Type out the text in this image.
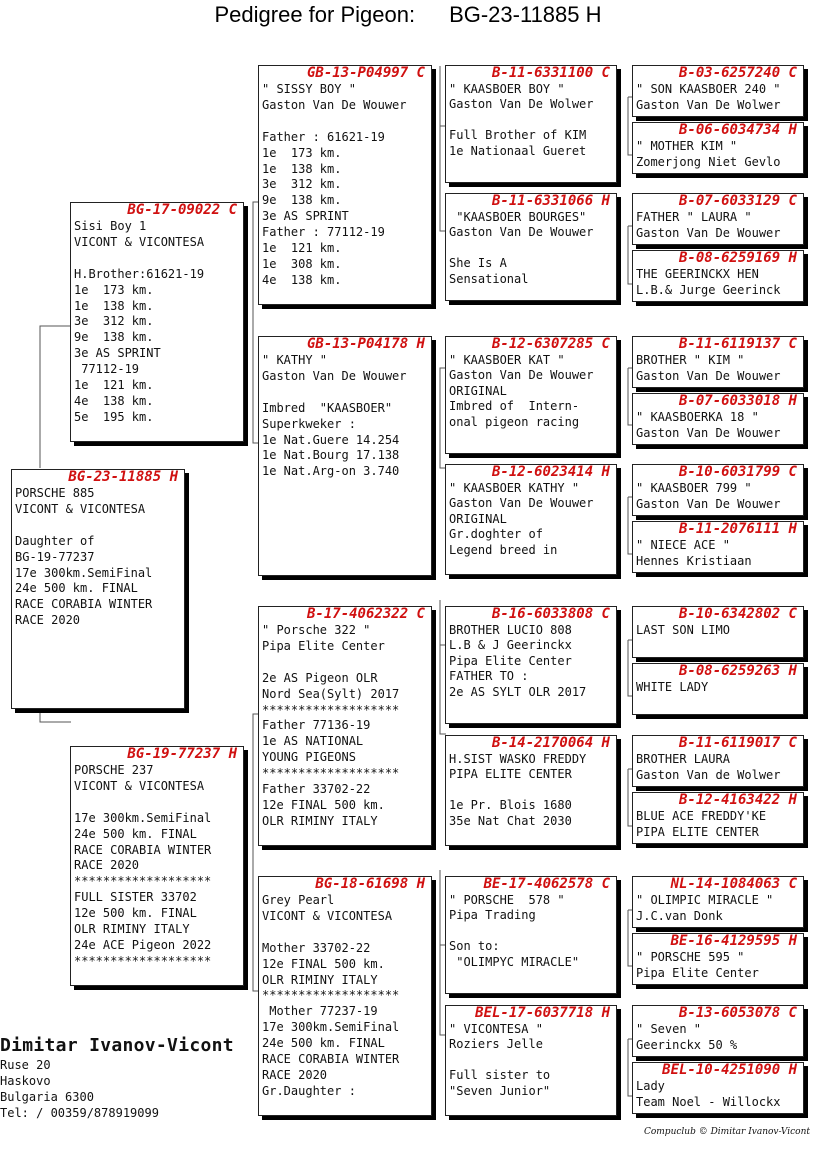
Pedigree for Pigeon: BG-23-11885 H
BG-23-11885 H
PORSCHE 885
VICONT & VICONTESA

Daughter of
BG-19-77237
17e 300km.SemiFinal
24e 500 km. FINAL
RACE CORABIA WINTER
RACE 2020
BG-17-09022 C
Sisi Boy 1
VICONT & VICONTESA

H.Brother:61621-19
1e  173 km.
1e  138 km.
3e  312 km.
9e  138 km.
3e AS SPRINT
77112-19
1e  121 km.
4e  138 km.
5e  195 km.
BG-19-77237 H
PORSCHE 237
VICONT & VICONTESA

17e 300km.SemiFinal
24e 500 km. FINAL
RACE CORABIA WINTER
RACE 2020
*******************
FULL SISTER 33702
12e 500 km. FINAL
OLR RIMINY ITALY
24e ACE Pigeon 2022
*******************
GB-13-P04997 C
" SISSY BOY "
Gaston Van De Wouwer

Father : 61621-19
1e  173 km.
1e  138 km.
3e  312 km.
9e  138 km.
3e AS SPRINT
Father : 77112-19
1e  121 km.
1e  308 km.
4e  138 km.
GB-13-P04178 H
" KATHY "
Gaston Van De Wouwer

Imbred  "KAASBOER"
Superkweker :
1e Nat.Guere 14.254
1e Nat.Bourg 17.138
1e Nat.Arg-on 3.740
B-17-4062322 C
" Porsche 322 "
Pipa Elite Center

2e AS Pigeon OLR
Nord Sea(Sylt) 2017
*******************
Father 77136-19
1e AS NATIONAL
YOUNG PIGEONS
*******************
Father 33702-22
12e FINAL 500 km.
OLR RIMINY ITALY
BG-18-61698 H
Grey Pearl
VICONT & VICONTESA

Mother 33702-22
12e FINAL 500 km.
OLR RIMINY ITALY
*******************
Mother 77237-19
17e 300km.SemiFinal
24e 500 km. FINAL
RACE CORABIA WINTER
RACE 2020
Gr.Daughter :
B-11-6331100 C
" KAASBOER BOY "
Gaston Van De Wolwer

Full Brother of KIM
1e Nationaal Gueret
B-11-6331066 H
"KAASBOER BOURGES"
Gaston Van De Wouwer

She Is A
Sensational
B-12-6307285 C
" KAASBOER KAT "
Gaston Van De Wouwer
ORIGINAL
Imbred of  Intern-
onal pigeon racing
B-12-6023414 H
" KAASBOER KATHY "
Gaston Van De Wouwer
ORIGINAL
Gr.doghter of
Legend breed in
B-16-6033808 C
BROTHER LUCIO 808
L.B & J Geerinckx
Pipa Elite Center
FATHER TO :
2e AS SYLT OLR 2017
B-14-2170064 H
H.SIST WASKO FREDDY
PIPA ELITE CENTER

1e Pr. Blois 1680
35e Nat Chat 2030
BE-17-4062578 C
" PORSCHE  578 "
Pipa Trading

Son to:
"OLIMPYC MIRACLE"
BEL-17-6037718 H
" VICONTESA "
Roziers Jelle

Full sister to
"Seven Junior"
B-03-6257240 C
" SON KAASBOER 240 "
Gaston Van De Wolwer
B-06-6034734 H
" MOTHER KIM "
Zomerjong Niet Gevlo
B-07-6033129 C
FATHER " LAURA "
Gaston Van De Wouwer
B-08-6259169 H
THE GEERINCKX HEN
L.B.& Jurge Geerinck
B-11-6119137 C
BROTHER " KIM "
Gaston Van De Wouwer
B-07-6033018 H
" KAASBOERKA 18 "
Gaston Van De Wouwer
B-10-6031799 C
" KAASBOER 799 "
Gaston Van De Wouwer
B-11-2076111 H
" NIECE ACE "
Hennes Kristiaan
B-10-6342802 C
LAST SON LIMO
B-08-6259263 H
WHITE LADY
B-11-6119017 C
BROTHER LAURA
Gaston Van de Wolwer
B-12-4163422 H
BLUE ACE FREDDY'KE
PIPA ELITE CENTER
NL-14-1084063 C
" OLIMPIC MIRACLE "
J.C.van Donk
BE-16-4129595 H
" PORSCHE 595 "
Pipa Elite Center
B-13-6053078 C
" Seven "
Geerinckx 50 %
BEL-10-4251090 H
Lady
Team Noel - Willockx
Dimitar Ivanov-Vicont
Ruse 20
Haskovo
Bulgaria 6300
Tel: / 00359/878919099
Compuclub © Dimitar Ivanov-Vicont
